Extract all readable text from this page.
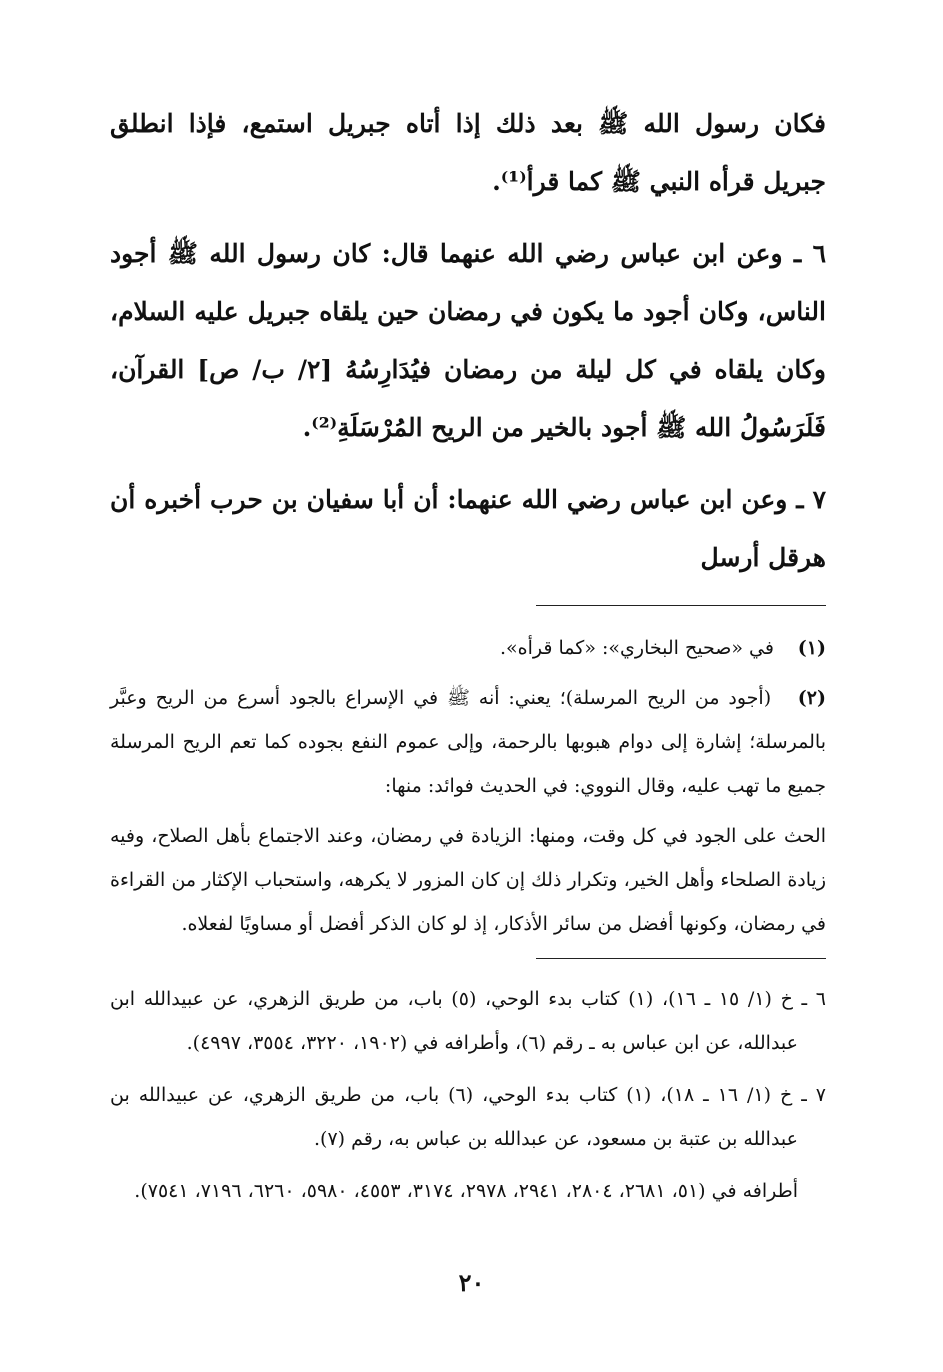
فكان رسول الله ﷺ بعد ذلك إذا أتاه جبريل استمع، فإذا انطلق جبريل قرأه النبي ﷺ كما قرأ⁽¹⁾.

٦ ـ وعن ابن عباس رضي الله عنهما قال: كان رسول الله ﷺ أجود الناس، وكان أجود ما يكون في رمضان حين يلقاه جبريل عليه السلام، وكان يلقاه في كل ليلة من رمضان فيُدَارِسُهُ [٢/ ب/ ص] القرآن، فَلَرَسُولُ الله ﷺ أجود بالخير من الريح المُرْسَلَةِ⁽²⁾.

٧ ـ وعن ابن عباس رضي الله عنهما: أن أبا سفيان بن حرب أخبره أن هرقل أرسل

(١) في «صحيح البخاري»: «كما قرأه».

(٢) (أجود من الريح المرسلة)؛ يعني: أنه ﷺ في الإسراع بالجود أسرع من الريح وعبَّر بالمرسلة؛ إشارة إلى دوام هبوبها بالرحمة، وإلى عموم النفع بجوده كما تعم الريح المرسلة جميع ما تهب عليه، وقال النووي: في الحديث فوائد: منها:

الحث على الجود في كل وقت، ومنها: الزيادة في رمضان، وعند الاجتماع بأهل الصلاح، وفيه زيادة الصلحاء وأهل الخير، وتكرار ذلك إن كان المزور لا يكرهه، واستحباب الإكثار من القراءة في رمضان، وكونها أفضل من سائر الأذكار، إذ لو كان الذكر أفضل أو مساويًا لفعلاه.

٦ ـ خ (١/ ١٥ ـ ١٦)، (١) كتاب بدء الوحي، (٥) باب، من طريق الزهري، عن عبيدالله ابن عبدالله، عن ابن عباس به ـ رقم (٦)، وأطرافه في (١٩٠٢، ٣٢٢٠، ٣٥٥٤، ٤٩٩٧).

٧ ـ خ (١/ ١٦ ـ ١٨)، (١) كتاب بدء الوحي، (٦) باب، من طريق الزهري، عن عبيدالله بن عبدالله بن عتبة بن مسعود، عن عبدالله بن عباس به، رقم (٧).

أطرافه في (٥١، ٢٦٨١، ٢٨٠٤، ٢٩٤١، ٢٩٧٨، ٣١٧٤، ٤٥٥٣، ٥٩٨٠، ٦٢٦٠، ٧١٩٦، ٧٥٤١).

٢٠
